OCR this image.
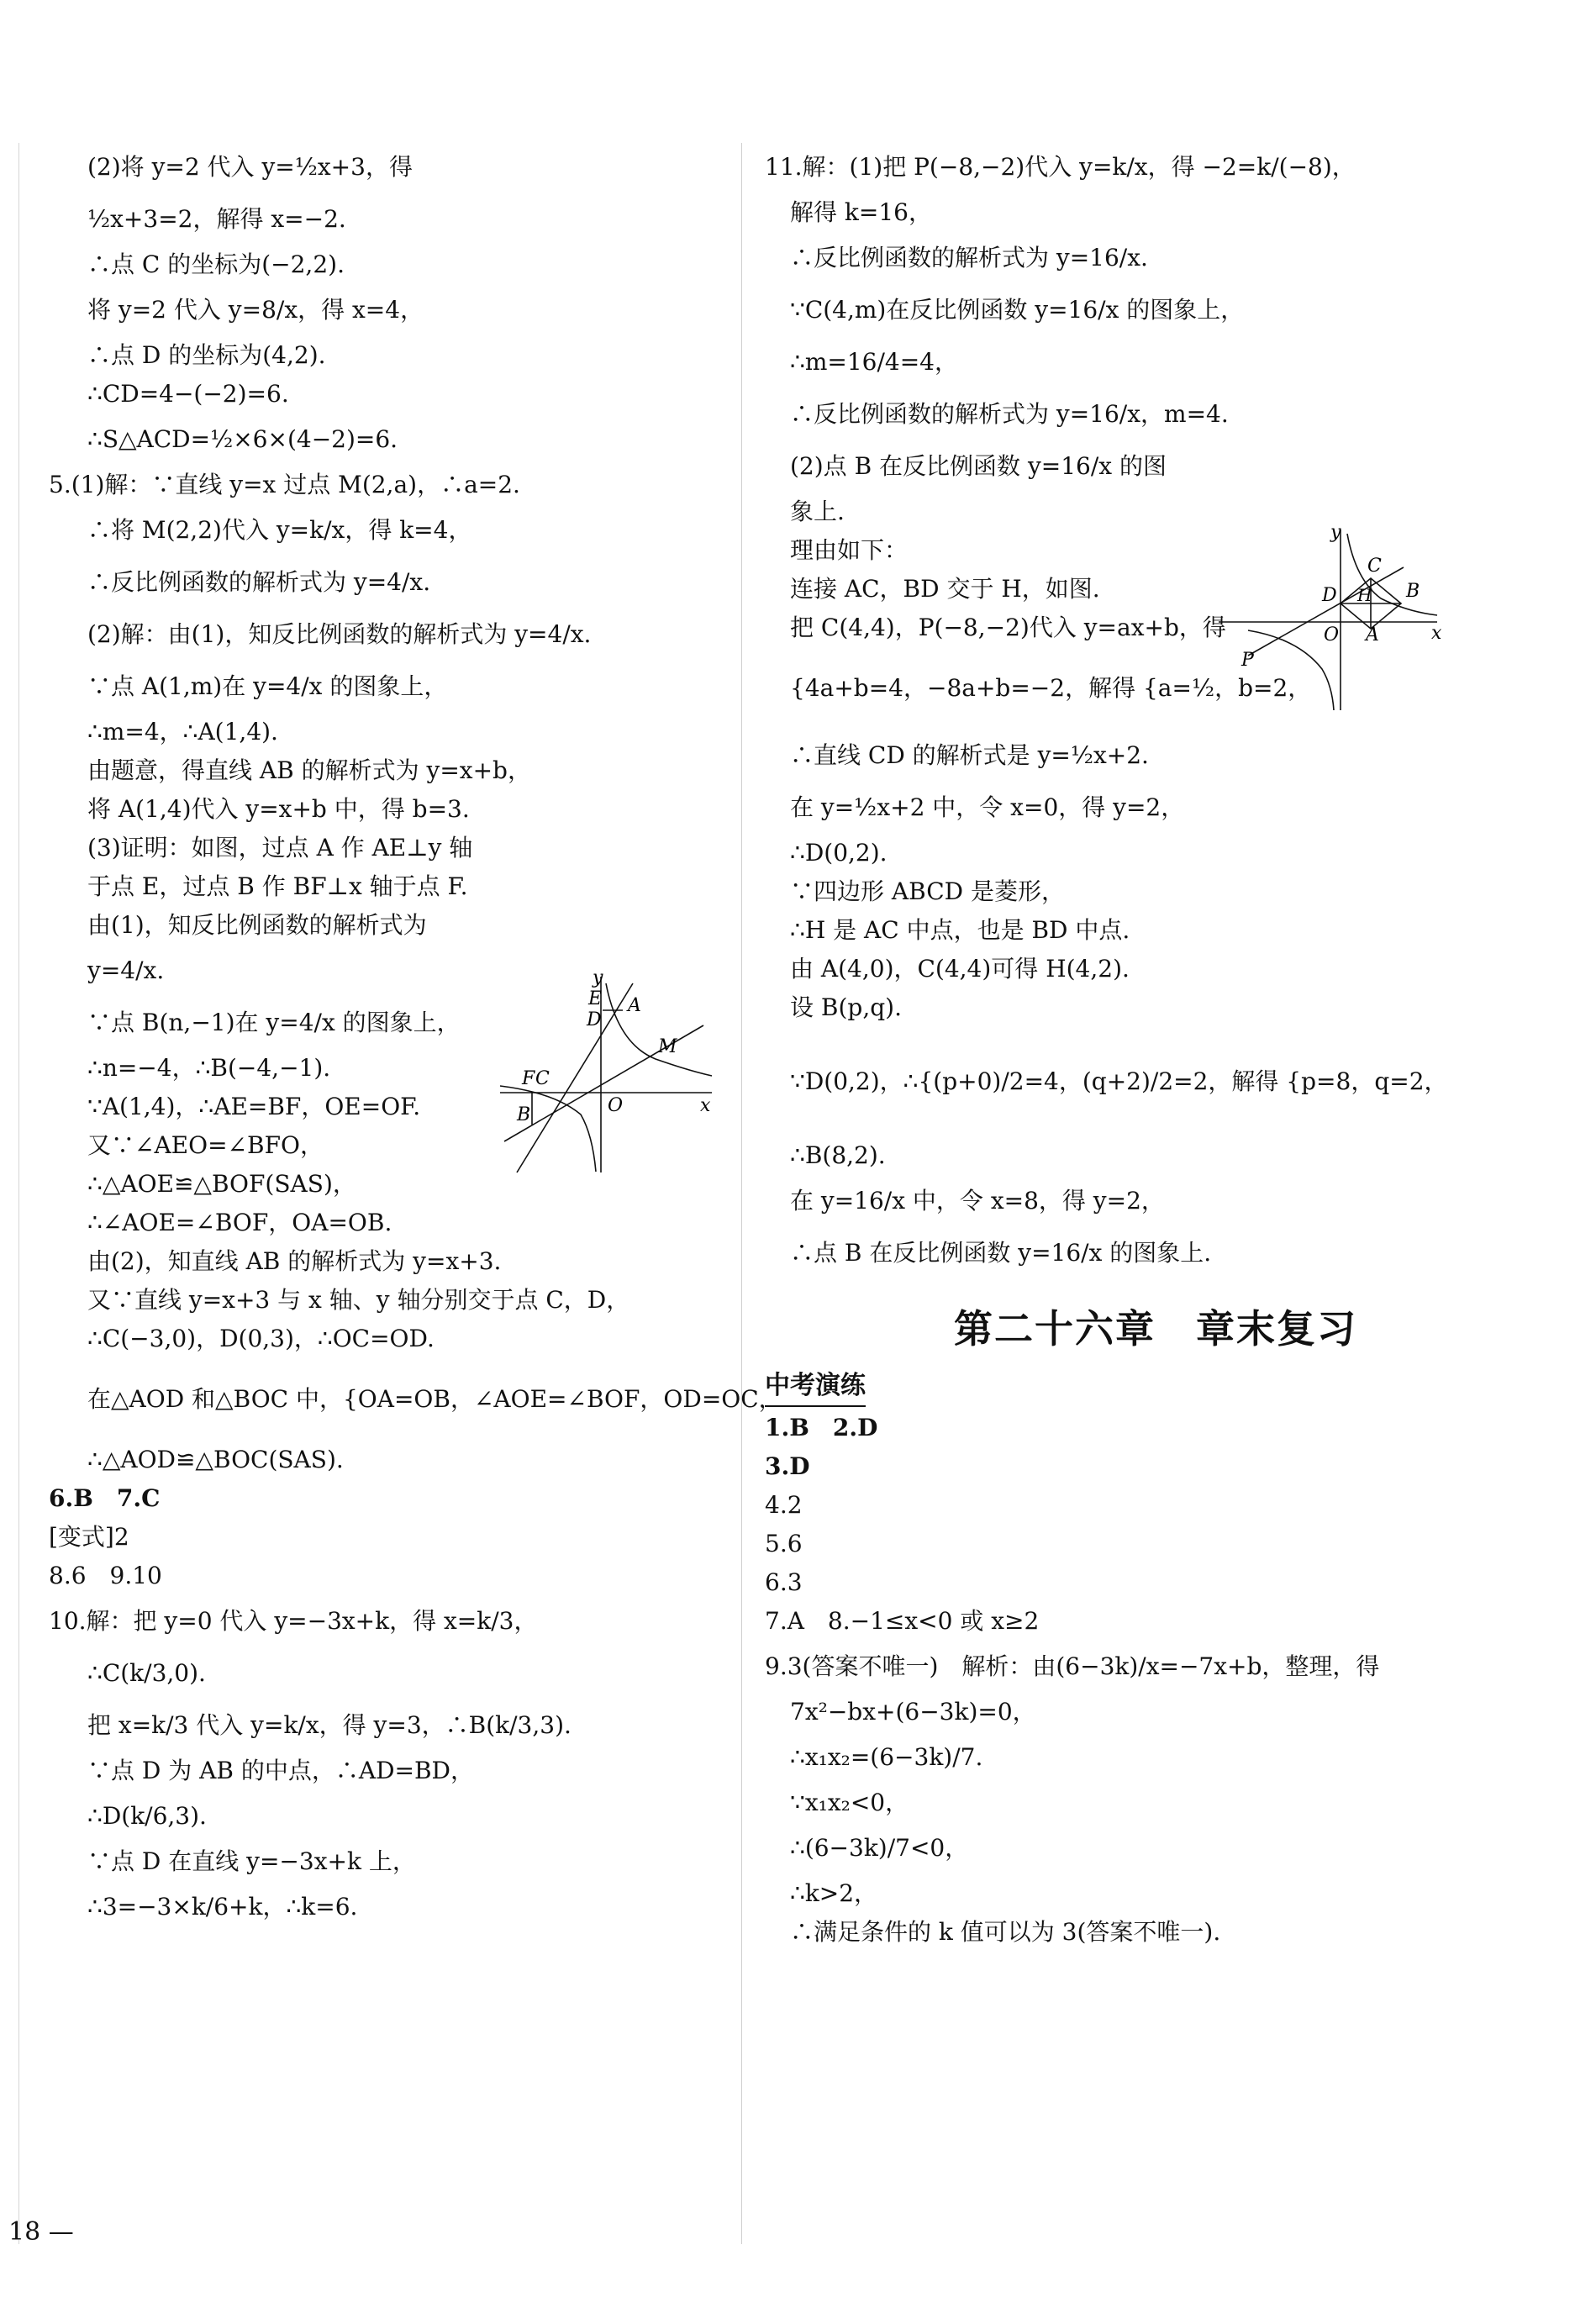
(2)将 y=2 代入 y=½x+3，得
½x+3=2，解得 x=−2.
∴点 C 的坐标为(−2,2).
将 y=2 代入 y=8/x，得 x=4，
∴点 D 的坐标为(4,2).
∴CD=4−(−2)=6.
∴S△ACD=½×6×(4−2)=6.
5.(1)解：∵直线 y=x 过点 M(2,a)，∴a=2.
∴将 M(2,2)代入 y=k/x，得 k=4，
∴反比例函数的解析式为 y=4/x.
(2)解：由(1)，知反比例函数的解析式为 y=4/x.
∵点 A(1,m)在 y=4/x 的图象上，
∴m=4，∴A(1,4).
由题意，得直线 AB 的解析式为 y=x+b，
将 A(1,4)代入 y=x+b 中，得 b=3.
(3)证明：如图，过点 A 作 AE⊥y 轴
于点 E，过点 B 作 BF⊥x 轴于点 F.
由(1)，知反比例函数的解析式为
y=4/x.
∵点 B(n,−1)在 y=4/x 的图象上，
∴n=−4，∴B(−4,−1).
∵A(1,4)，∴AE=BF，OE=OF.
又∵∠AEO=∠BFO，
∴△AOE≌△BOF(SAS)，
∴∠AOE=∠BOF，OA=OB.
由(2)，知直线 AB 的解析式为 y=x+3.
又∵直线 y=x+3 与 x 轴、y 轴分别交于点 C，D，
∴C(−3,0)，D(0,3)，∴OC=OD.
在△AOD 和△BOC 中，{OA=OB，∠AOE=∠BOF，OD=OC，
∴△AOD≌△BOC(SAS).
6.B　7.C
[变式]2
8.6　9.10
10.解：把 y=0 代入 y=−3x+k，得 x=k/3，
∴C(k/3,0).
把 x=k/3 代入 y=k/x，得 y=3，∴B(k/3,3).
∵点 D 为 AB 的中点，∴AD=BD，
∴D(k/6,3).
∵点 D 在直线 y=−3x+k 上，
∴3=−3×k/6+k，∴k=6.
y
E
D
A
M
F C
O	x
B
11.解：(1)把 P(−8,−2)代入 y=k/x，得 −2=k/(−8)，
解得 k=16，
∴反比例函数的解析式为 y=16/x.
∵C(4,m)在反比例函数 y=16/x 的图象上，
∴m=16/4=4，
∴反比例函数的解析式为 y=16/x，m=4.
(2)点 B 在反比例函数 y=16/x 的图
象上.
理由如下：
连接 AC，BD 交于 H，如图.
把 C(4,4)，P(−8,−2)代入 y=ax+b，得
{4a+b=4，−8a+b=−2，解得 {a=½，b=2，
∴直线 CD 的解析式是 y=½x+2.
在 y=½x+2 中，令 x=0，得 y=2，
∴D(0,2).
∵四边形 ABCD 是菱形，
∴H 是 AC 中点，也是 BD 中点.
由 A(4,0)，C(4,4)可得 H(4,2).
设 B(p,q).
∵D(0,2)，∴{(p+0)/2=4，(q+2)/2=2，解得 {p=8，q=2，
∴B(8,2).
在 y=16/x 中，令 x=8，得 y=2，
∴点 B 在反比例函数 y=16/x 的图象上.
第二十六章　章末复习
中考演练
1.B　2.D
3.D
4.2
5.6
6.3
7.A　8.−1≤x<0 或 x≥2
9.3(答案不唯一)　解析：由(6−3k)/x=−7x+b，整理，得
7x²−bx+(6−3k)=0，
∴x₁x₂=(6−3k)/7.
∵x₁x₂<0，
∴(6−3k)/7<0，
∴k>2，
∴满足条件的 k 值可以为 3(答案不唯一).
y
C
B
D H
O A	x
P
18 —
